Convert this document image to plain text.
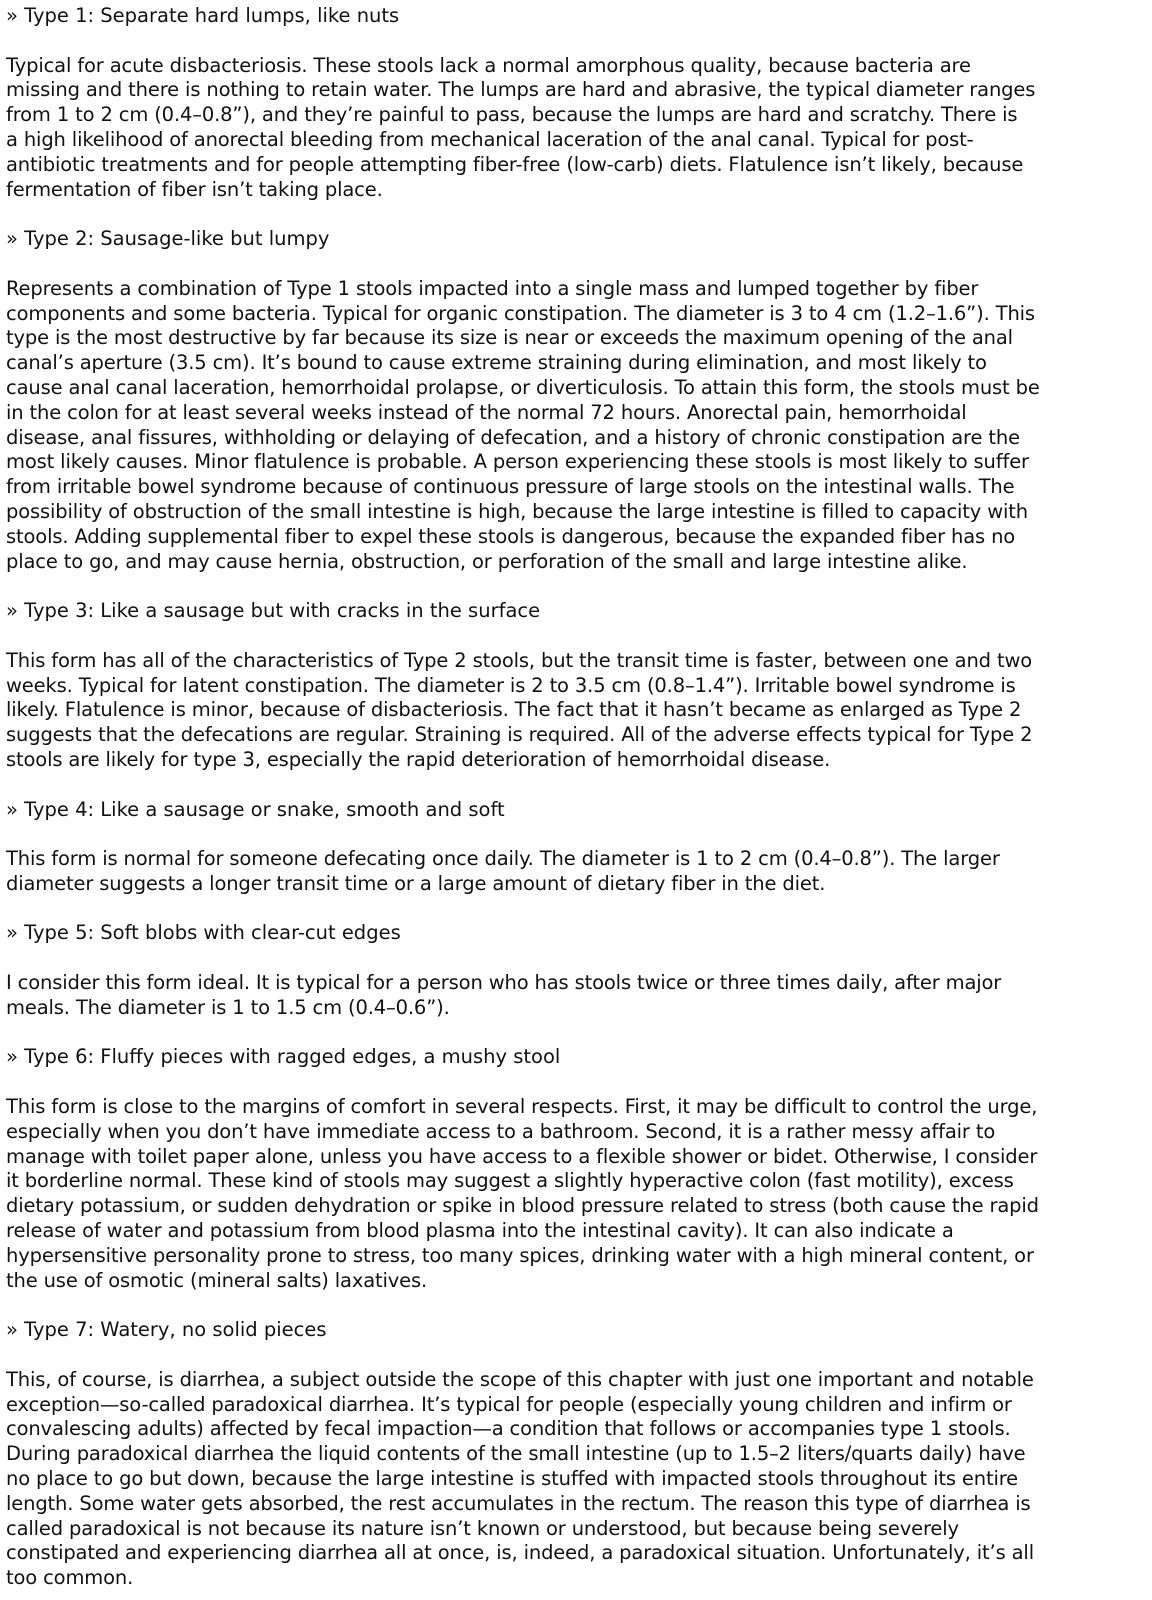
» Type 1: Separate hard lumps, like nuts

Typical for acute disbacteriosis. These stools lack a normal amorphous quality, because bacteria are
missing and there is nothing to retain water. The lumps are hard and abrasive, the typical diameter ranges
from 1 to 2 cm (0.4–0.8”), and they’re painful to pass, because the lumps are hard and scratchy. There is
a high likelihood of anorectal bleeding from mechanical laceration of the anal canal. Typical for post-
antibiotic treatments and for people attempting fiber-free (low-carb) diets. Flatulence isn’t likely, because
fermentation of fiber isn’t taking place.

» Type 2: Sausage-like but lumpy

Represents a combination of Type 1 stools impacted into a single mass and lumped together by fiber
components and some bacteria. Typical for organic constipation. The diameter is 3 to 4 cm (1.2–1.6”). This
type is the most destructive by far because its size is near or exceeds the maximum opening of the anal
canal’s aperture (3.5 cm). It’s bound to cause extreme straining during elimination, and most likely to
cause anal canal laceration, hemorrhoidal prolapse, or diverticulosis. To attain this form, the stools must be
in the colon for at least several weeks instead of the normal 72 hours. Anorectal pain, hemorrhoidal
disease, anal fissures, withholding or delaying of defecation, and a history of chronic constipation are the
most likely causes. Minor flatulence is probable. A person experiencing these stools is most likely to suffer
from irritable bowel syndrome because of continuous pressure of large stools on the intestinal walls. The
possibility of obstruction of the small intestine is high, because the large intestine is filled to capacity with
stools. Adding supplemental fiber to expel these stools is dangerous, because the expanded fiber has no
place to go, and may cause hernia, obstruction, or perforation of the small and large intestine alike.

» Type 3: Like a sausage but with cracks in the surface

This form has all of the characteristics of Type 2 stools, but the transit time is faster, between one and two
weeks. Typical for latent constipation. The diameter is 2 to 3.5 cm (0.8–1.4”). Irritable bowel syndrome is
likely. Flatulence is minor, because of disbacteriosis. The fact that it hasn’t became as enlarged as Type 2
suggests that the defecations are regular. Straining is required. All of the adverse effects typical for Type 2
stools are likely for type 3, especially the rapid deterioration of hemorrhoidal disease.

» Type 4: Like a sausage or snake, smooth and soft

This form is normal for someone defecating once daily. The diameter is 1 to 2 cm (0.4–0.8”). The larger
diameter suggests a longer transit time or a large amount of dietary fiber in the diet.

» Type 5: Soft blobs with clear-cut edges

I consider this form ideal. It is typical for a person who has stools twice or three times daily, after major
meals. The diameter is 1 to 1.5 cm (0.4–0.6”).

» Type 6: Fluffy pieces with ragged edges, a mushy stool

This form is close to the margins of comfort in several respects. First, it may be difficult to control the urge,
especially when you don’t have immediate access to a bathroom. Second, it is a rather messy affair to
manage with toilet paper alone, unless you have access to a flexible shower or bidet. Otherwise, I consider
it borderline normal. These kind of stools may suggest a slightly hyperactive colon (fast motility), excess
dietary potassium, or sudden dehydration or spike in blood pressure related to stress (both cause the rapid
release of water and potassium from blood plasma into the intestinal cavity). It can also indicate a
hypersensitive personality prone to stress, too many spices, drinking water with a high mineral content, or
the use of osmotic (mineral salts) laxatives.

» Type 7: Watery, no solid pieces

This, of course, is diarrhea, a subject outside the scope of this chapter with just one important and notable
exception—so-called paradoxical diarrhea. It’s typical for people (especially young children and infirm or
convalescing adults) affected by fecal impaction—a condition that follows or accompanies type 1 stools.
During paradoxical diarrhea the liquid contents of the small intestine (up to 1.5–2 liters/quarts daily) have
no place to go but down, because the large intestine is stuffed with impacted stools throughout its entire
length. Some water gets absorbed, the rest accumulates in the rectum. The reason this type of diarrhea is
called paradoxical is not because its nature isn’t known or understood, but because being severely
constipated and experiencing diarrhea all at once, is, indeed, a paradoxical situation. Unfortunately, it’s all
too common.
